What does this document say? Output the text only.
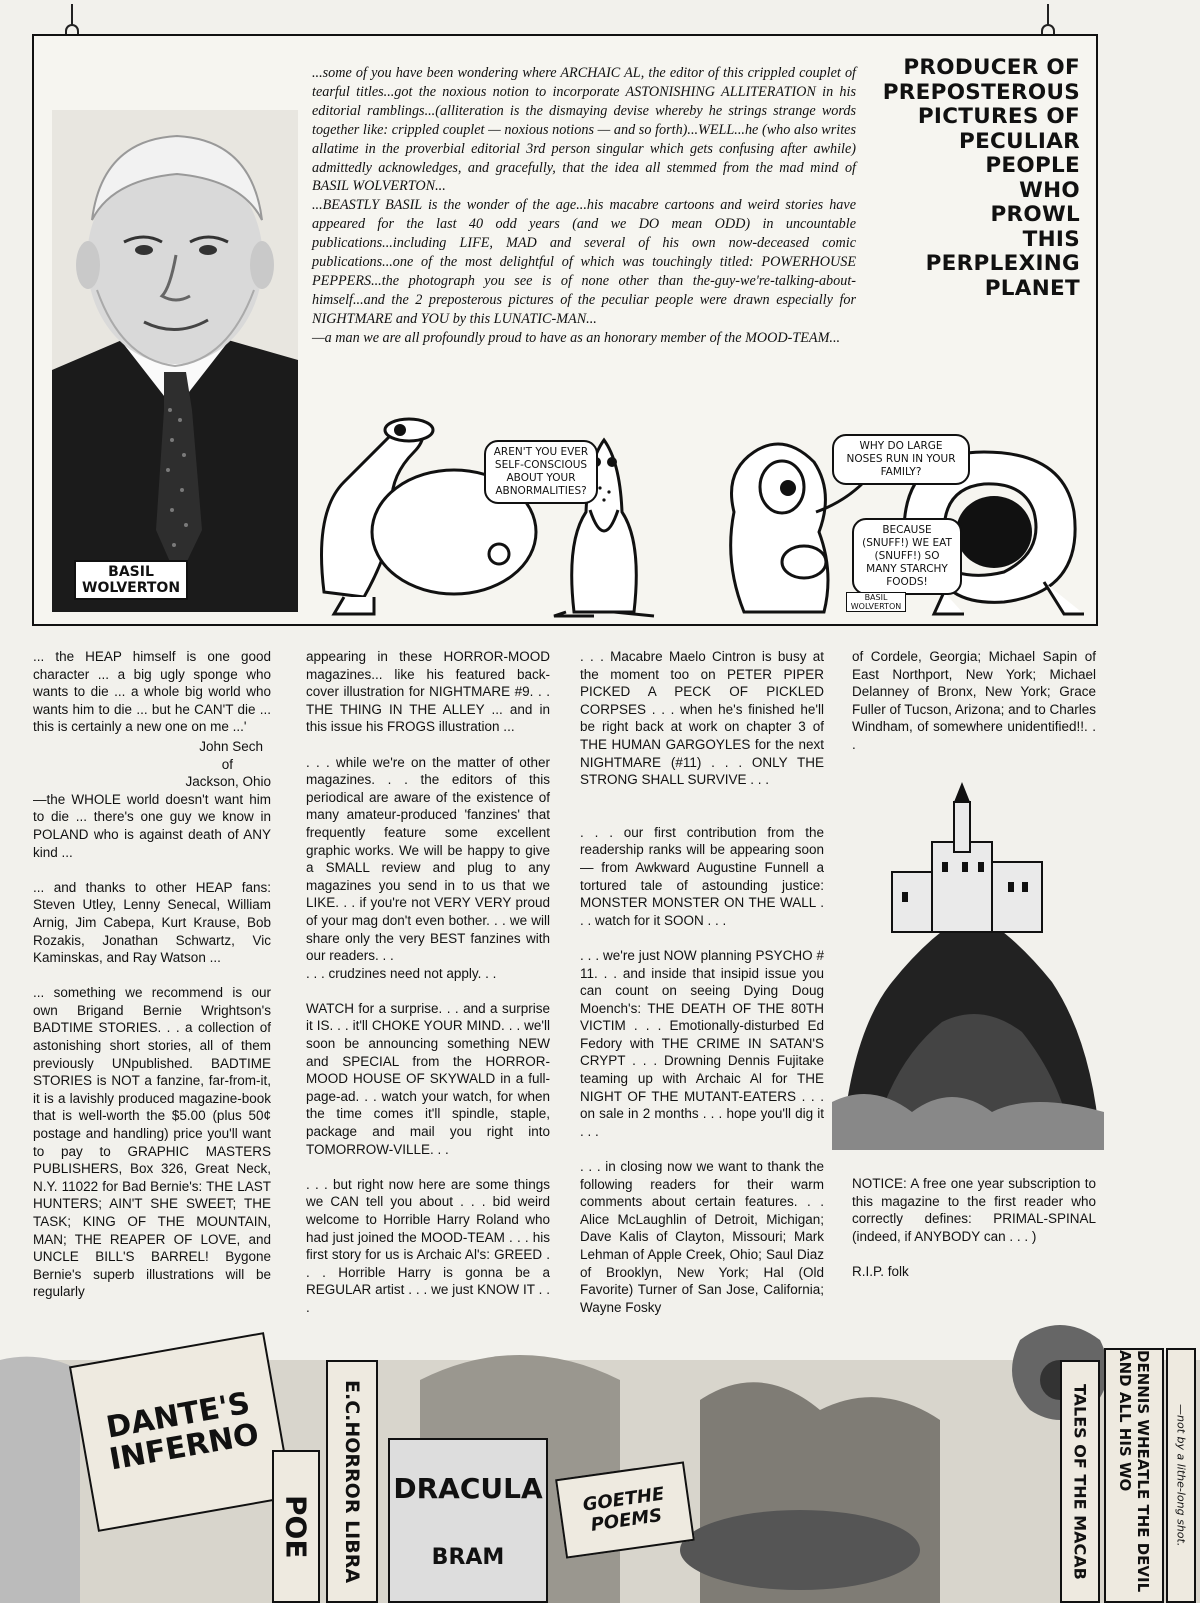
BASIL
WOLVERTON

...some of you have been wondering where ARCHAIC AL, the editor of this crippled couplet of tearful titles...got the noxious notion to incorporate ASTONISHING ALLITERATION in his editorial ramblings...(alliteration is the dismaying devise whereby he strings strange words together like: crippled couplet — noxious notions — and so forth)...WELL...he (who also writes allatime in the proverbial editorial 3rd person singular which gets confusing after awhile) admittedly acknowledges, and gracefully, that the idea all stemmed from the mad mind of BASIL WOLVERTON...

...BEASTLY BASIL is the wonder of the age...his macabre cartoons and weird stories have appeared for the last 40 odd years (and we DO mean ODD) in uncountable publications...including LIFE, MAD and several of his own now-deceased comic publications...one of the most delightful of which was touchingly titled: POWERHOUSE PEPPERS...the photograph you see is of none other than the-guy-we're-talking-about-himself...and the 2 preposterous pictures of the peculiar people were drawn especially for NIGHTMARE and YOU by this LUNATIC-MAN...

—a man we are all profoundly proud to have as an honorary member of the MOOD-TEAM...

PRODUCER OF
PREPOSTEROUS
PICTURES OF
PECULIAR
PEOPLE
WHO
PROWL
THIS
PERPLEXING
PLANET
AREN'T YOU EVER SELF-CONSCIOUS ABOUT YOUR ABNORMALITIES?
WHY DO LARGE NOSES RUN IN YOUR FAMILY?
BECAUSE (SNUFF!) WE EAT (SNUFF!) SO MANY STARCHY FOODS!
BASIL WOLVERTON

... the HEAP himself is one good character ... a big ugly sponge who wants to die ... a whole big world who wants him to die ... but he CAN'T die ... this is certainly a new one on me ...'

John Sech
of
Jackson, Ohio

—the WHOLE world doesn't want him to die ... there's one guy we know in POLAND who is against death of ANY kind ...

... and thanks to other HEAP fans: Steven Utley, Lenny Senecal, William Arnig, Jim Cabepa, Kurt Krause, Bob Rozakis, Jonathan Schwartz, Vic Kaminskas, and Ray Watson ...

... something we recommend is our own Brigand Bernie Wrightson's BADTIME STORIES. . . a collection of astonishing short stories, all of them previously UNpublished. BADTIME STORIES is NOT a fanzine, far-from-it, it is a lavishly produced magazine-book that is well-worth the $5.00 (plus 50¢ postage and handling) price you'll want to pay to GRAPHIC MASTERS PUBLISHERS, Box 326, Great Neck, N.Y. 11022 for Bad Bernie's: THE LAST HUNTERS; AIN'T SHE SWEET; THE TASK; KING OF THE MOUNTAIN, MAN; THE REAPER OF LOVE, and UNCLE BILL'S BARREL! Bygone Bernie's superb illustrations will be regularly

appearing in these HORROR-MOOD magazines... like his featured back-cover illustration for NIGHTMARE #9. . . THE THING IN THE ALLEY ... and in this issue his FROGS illustration ...

. . . while we're on the matter of other magazines. . . the editors of this periodical are aware of the existence of many amateur-produced 'fanzines' that frequently feature some excellent graphic works. We will be happy to give a SMALL review and plug to any magazines you send in to us that we LIKE. . . if you're not VERY VERY proud of your mag don't even bother. . . we will share only the very BEST fanzines with our readers. . .

. . . crudzines need not apply. . .

WATCH for a surprise. . . and a surprise it IS. . . it'll CHOKE YOUR MIND. . . we'll soon be announcing something NEW and SPECIAL from the HORROR-MOOD HOUSE OF SKYWALD in a full-page-ad. . . watch your watch, for when the time comes it'll spindle, staple, package and mail you right into TOMORROW-VILLE. . .

. . . but right now here are some things we CAN tell you about . . . bid weird welcome to Horrible Harry Roland who had just joined the MOOD-TEAM . . . his first story for us is Archaic Al's: GREED . . . Horrible Harry is gonna be a REGULAR artist . . . we just KNOW IT . . .

. . . Macabre Maelo Cintron is busy at the moment too on PETER PIPER PICKED A PECK OF PICKLED CORPSES . . . when he's finished he'll be right back at work on chapter 3 of THE HUMAN GARGOYLES for the next NIGHTMARE (#11) . . . ONLY THE STRONG SHALL SURVIVE . . .

. . . our first contribution from the readership ranks will be appearing soon — from Awkward Augustine Funnell a tortured tale of astounding justice: MONSTER MONSTER ON THE WALL . . . watch for it SOON . . .

. . . we're just NOW planning PSYCHO # 11. . . and inside that insipid issue you can count on seeing Dying Doug Moench's: THE DEATH OF THE 80TH VICTIM . . . Emotionally-disturbed Ed Fedory with THE CRIME IN SATAN'S CRYPT . . . Drowning Dennis Fujitake teaming up with Archaic Al for THE NIGHT OF THE MUTANT-EATERS . . . on sale in 2 months . . . hope you'll dig it . . .

. . . in closing now we want to thank the following readers for their warm comments about certain features. . . Alice McLaughlin of Detroit, Michigan; Dave Kalis of Clayton, Missouri; Mark Lehman of Apple Creek, Ohio; Saul Diaz of Brooklyn, New York; Hal (Old Favorite) Turner of San Jose, California; Wayne Fosky

of Cordele, Georgia; Michael Sapin of East Northport, New York; Michael Delanney of Bronx, New York; Grace Fuller of Tucson, Arizona; and to Charles Windham, of somewhere unidentified!!. . .

NOTICE: A free one year subscription to this magazine to the first reader who correctly defines: PRIMAL-SPINAL (indeed, if ANYBODY can . . . )

R.I.P. folk

DANTE'S INFERNO
POE E.C.HORROR LIBRA DRACULA
BRAM
GOETHE POEMS	TALES OF THE MACAB	DENNIS WHEATLE THE DEVIL AND ALL HIS WO	—not by a lithe-long shot.
